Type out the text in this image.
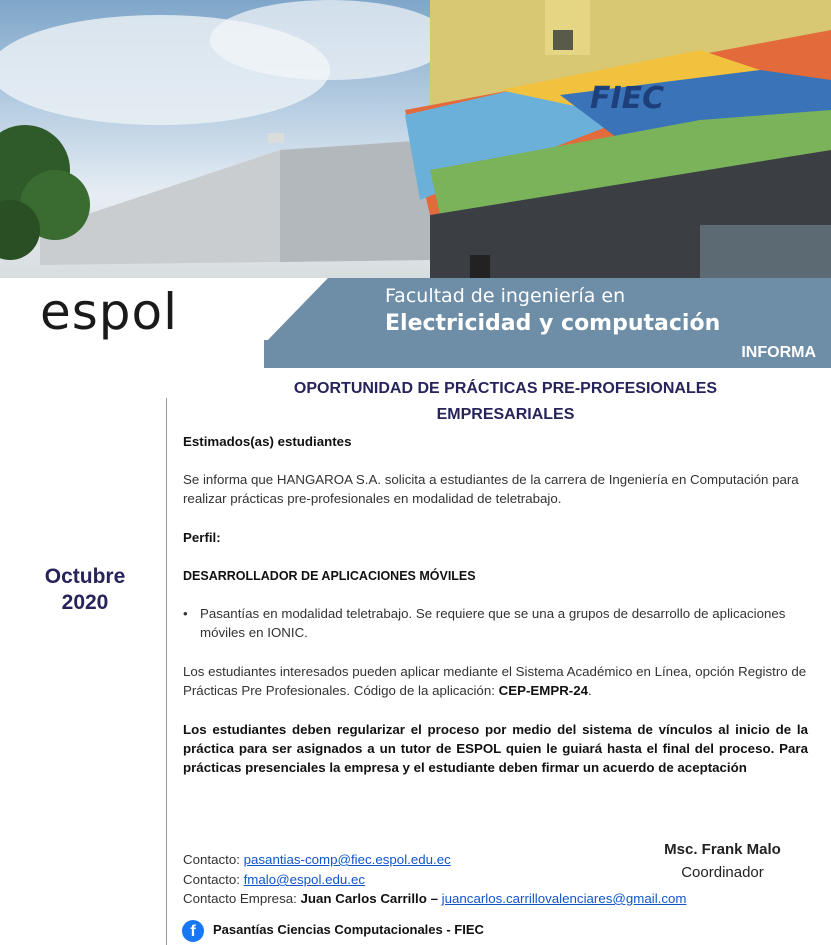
FIEC
espol	Facultad de ingeniería en
Electricidad y computación
INFORMA
OPORTUNIDAD DE PRÁCTICAS PRE-PROFESIONALES
EMPRESARIALES
Octubre
2020
Estimados(as) estudiantes
Se informa que HANGAROA S.A. solicita a estudiantes de la carrera de Ingeniería en Computación para realizar prácticas pre-profesionales en modalidad de teletrabajo.
Perfil:
DESARROLLADOR DE APLICACIONES MÓVILES
• Pasantías en modalidad teletrabajo. Se requiere que se una a grupos de desarrollo de aplicaciones móviles en IONIC.
Los estudiantes interesados pueden aplicar mediante el Sistema Académico en Línea, opción Registro de Prácticas Pre Profesionales. Código de la aplicación: CEP-EMPR-24.
Los estudiantes deben regularizar el proceso por medio del sistema de vínculos al inicio de la práctica para ser asignados a un tutor de ESPOL quien le guiará hasta el final del proceso. Para prácticas presenciales la empresa y el estudiante deben firmar un acuerdo de aceptación
Contacto: pasantias-comp@fiec.espol.edu.ec
Contacto: fmalo@espol.edu.ec
Contacto Empresa: Juan Carlos Carrillo – juancarlos.carrillovalenciares@gmail.com
Msc. Frank Malo
Coordinador
f	Pasantías Ciencias Computacionales - FIEC
